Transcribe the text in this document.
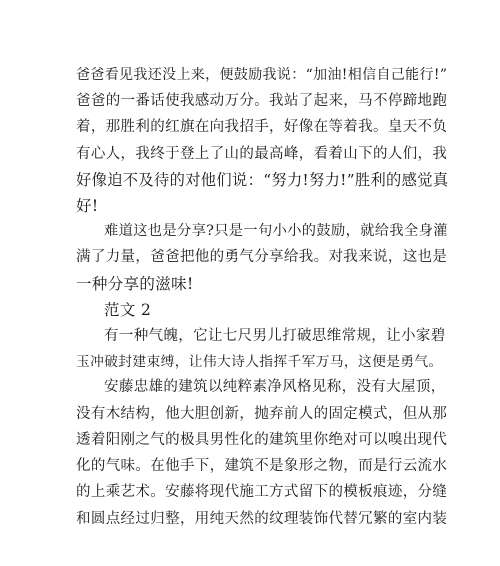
爸爸看见我还没上来，便鼓励我说：“加油!相信自己能行!”
爸爸的一番话使我感动万分。我站了起来，马不停蹄地跑
着，那胜利的红旗在向我招手，好像在等着我。皇天不负
有心人，我终于登上了山的最高峰，看着山下的人们，我
好像迫不及待的对他们说：“努力!努力!”胜利的感觉真
好!
难道这也是分享?只是一句小小的鼓励，就给我全身灌
满了力量，爸爸把他的勇气分享给我。对我来说，这也是
一种分享的滋味!
范文 2
有一种气魄，它让七尺男儿打破思维常规，让小家碧
玉冲破封建束缚，让伟大诗人指挥千军万马，这便是勇气。
安藤忠雄的建筑以纯粹素净风格见称，没有大屋顶，
没有木结构，他大胆创新，抛弃前人的固定模式，但从那
透着阳刚之气的极具男性化的建筑里你绝对可以嗅出现代
化的气味。在他手下，建筑不是象形之物，而是行云流水
的上乘艺术。安藤将现代施工方式留下的模板痕迹，分缝
和圆点经过归整，用纯天然的纹理装饰代替冗繁的室内装
